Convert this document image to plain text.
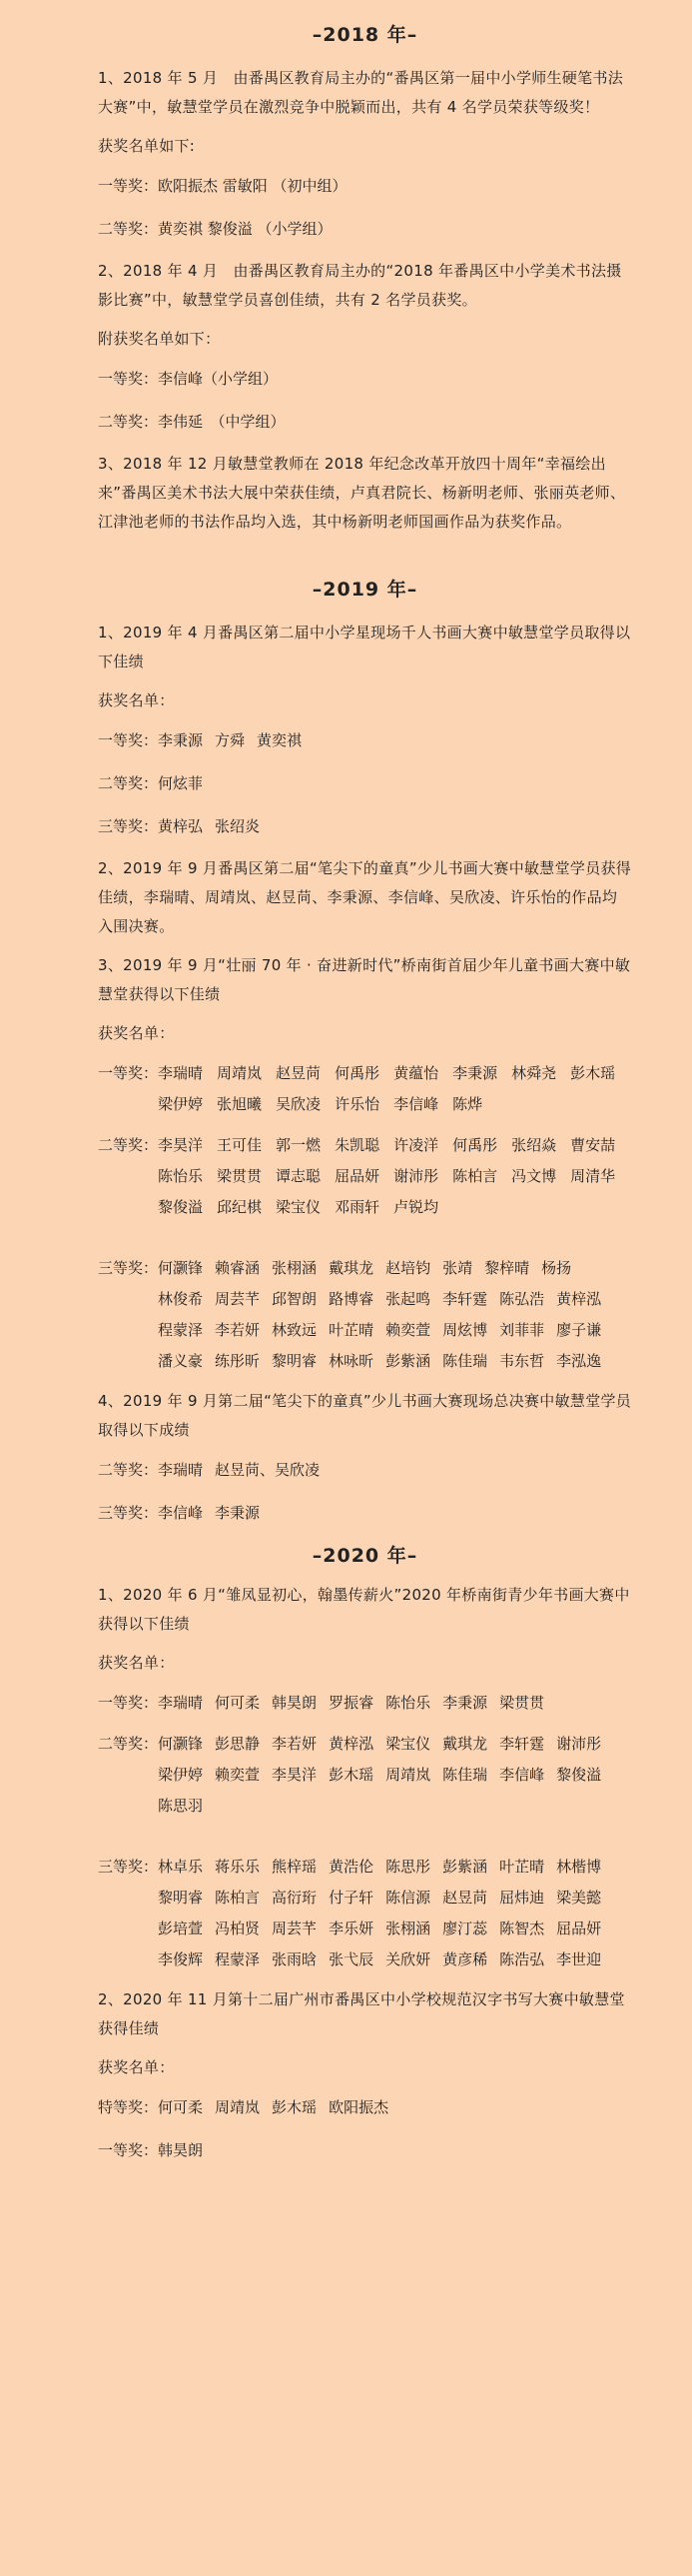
–2018 年–

1、2018 年 5 月　由番禺区教育局主办的“番禺区第一届中小学师生硬笔书法大赛”中，敏慧堂学员在激烈竞争中脱颖而出，共有 4 名学员荣获等级奖！

获奖名单如下:

一等奖： 欧阳振杰 雷敏阳 （初中组）
二等奖： 黄奕祺 黎俊溢 （小学组）

2、2018 年 4 月　由番禺区教育局主办的“2018 年番禺区中小学美术书法摄影比赛”中，敏慧堂学员喜创佳绩，共有 2 名学员获奖。

附获奖名单如下：

一等奖： 李信峰（小学组）
二等奖： 李伟延　（中学组）

3、2018 年 12 月敏慧堂教师在 2018 年纪念改革开放四十周年“幸福绘出来”番禺区美术书法大展中荣获佳绩，卢真君院长、杨新明老师、张丽英老师、江津池老师的书法作品均入选，其中杨新明老师国画作品为获奖作品。

–2019 年–

1、2019 年 4 月番禺区第二届中小学星现场千人书画大赛中敏慧堂学员取得以下佳绩

获奖名单：

一等奖： 李秉源 方舜 黄奕祺
二等奖： 何炫菲
三等奖： 黄梓弘 张绍炎

2、2019 年 9 月番禺区第二届“笔尖下的童真”少儿书画大赛中敏慧堂学员获得佳绩，李瑞晴、周靖岚、赵昱苘、李秉源、李信峰、吴欣凌、许乐怡的作品均入围决赛。

3、2019 年 9 月“壮丽 70 年 · 奋进新时代”桥南街首届少年儿童书画大赛中敏慧堂获得以下佳绩

获奖名单：

一等奖： 李瑞晴 周靖岚 赵昱苘 何禹彤 黄蕴怡 李秉源 林舜尧 彭木瑶
梁伊婷 张旭曦 吴欣凌 许乐怡 李信峰 陈烨
二等奖： 李昊洋 王可佳 郭一燃 朱凯聪 许凌洋 何禹彤 张绍焱 曹安喆
陈怡乐 梁贯贯 谭志聪 屈品妍 谢沛彤 陈柏言 冯文博 周清华
黎俊溢 邱纪棋 梁宝仪 邓雨轩 卢锐均
三等奖： 何灏锋 赖睿涵 张栩涵 戴琪龙 赵培钧 张靖 黎梓晴 杨扬
林俊希 周芸芊 邱智朗 路博睿 张起鸣 李轩霆 陈弘浩 黄梓泓
程蒙泽 李若妍 林致远 叶芷晴 赖奕萱 周炫博 刘菲菲 廖子谦
潘义豪 练彤昕 黎明睿 林咏昕 彭紫涵 陈佳瑞 韦东哲 李泓逸

4、2019 年 9 月第二届“笔尖下的童真”少儿书画大赛现场总决赛中敏慧堂学员取得以下成绩

二等奖： 李瑞晴 赵昱苘、吴欣凌
三等奖： 李信峰 李秉源
–2020 年–

1、2020 年 6 月“雏凤显初心，翰墨传薪火”2020 年桥南街青少年书画大赛中获得以下佳绩

获奖名单：

一等奖： 李瑞晴 何可柔 韩昊朗 罗振睿 陈怡乐 李秉源 梁贯贯
二等奖： 何灏锋 彭思静 李若妍 黄梓泓 梁宝仪 戴琪龙 李轩霆 谢沛彤
梁伊婷 赖奕萱 李昊洋 彭木瑶 周靖岚 陈佳瑞 李信峰 黎俊溢
陈思羽
三等奖： 林卓乐 蒋乐乐 熊梓瑶 黄浩伦 陈思彤 彭紫涵 叶芷晴 林楷博
黎明睿 陈柏言 高衍珩 付子轩 陈信源 赵昱苘 屈炜迪 梁美懿
彭培萱 冯柏贤 周芸芊 李乐妍 张栩涵 廖汀蕊 陈智杰 屈品妍
李俊辉 程蒙泽 张雨晗 张弋辰 关欣妍 黄彦稀 陈浩弘 李世迎

2、2020 年 11 月第十二届广州市番禺区中小学校规范汉字书写大赛中敏慧堂获得佳绩

获奖名单：

特等奖： 何可柔 周靖岚 彭木瑶 欧阳振杰
一等奖： 韩昊朗
